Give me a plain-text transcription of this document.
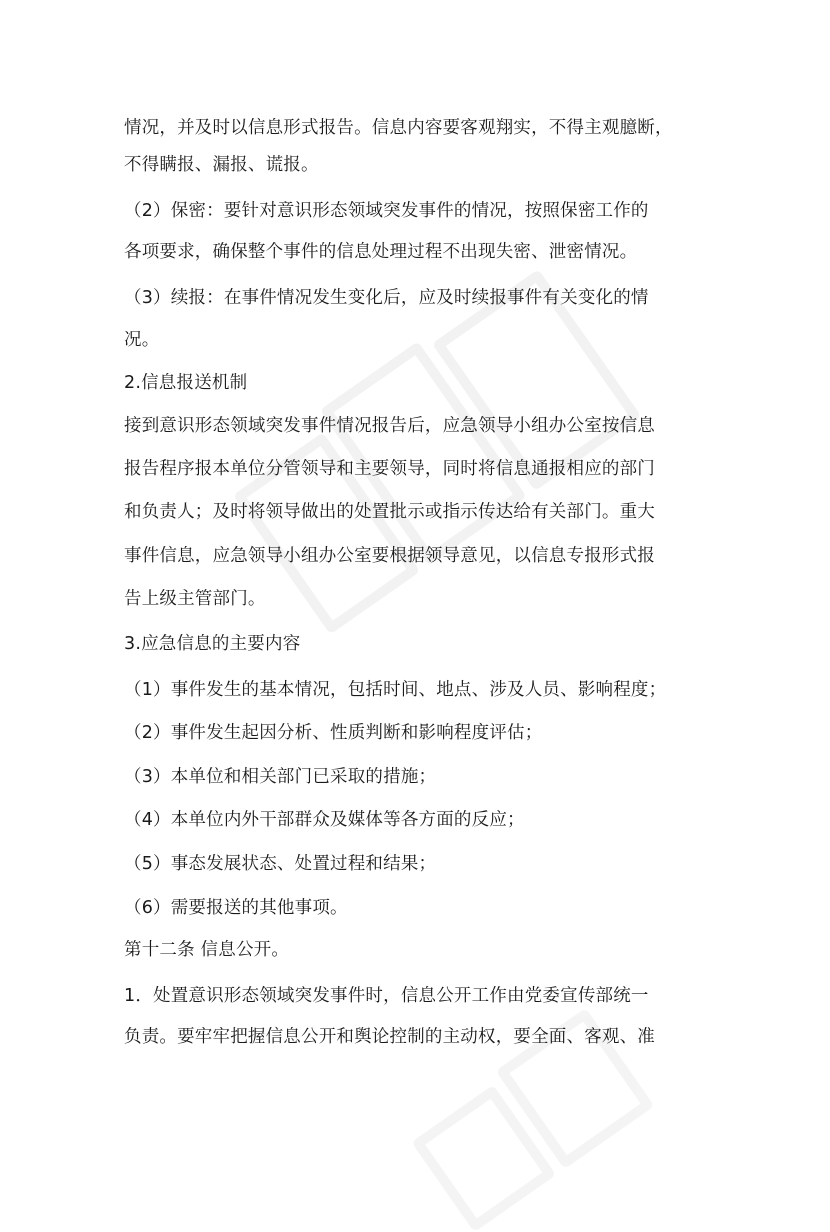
情况，并及时以信息形式报告。信息内容要客观翔实，不得主观臆断，
不得瞒报、漏报、谎报。
（2）保密：要针对意识形态领域突发事件的情况，按照保密工作的
各项要求，确保整个事件的信息处理过程不出现失密、泄密情况。
（3）续报：在事件情况发生变化后，应及时续报事件有关变化的情
况。
2.信息报送机制
接到意识形态领域突发事件情况报告后，应急领导小组办公室按信息
报告程序报本单位分管领导和主要领导，同时将信息通报相应的部门
和负责人；及时将领导做出的处置批示或指示传达给有关部门。重大
事件信息，应急领导小组办公室要根据领导意见，以信息专报形式报
告上级主管部门。
3.应急信息的主要内容
（1）事件发生的基本情况，包括时间、地点、涉及人员、影响程度；
（2）事件发生起因分析、性质判断和影响程度评估；
（3）本单位和相关部门已采取的措施；
（4）本单位内外干部群众及媒体等各方面的反应；
（5）事态发展状态、处置过程和结果；
（6）需要报送的其他事项。
第十二条 信息公开。
1．处置意识形态领域突发事件时，信息公开工作由党委宣传部统一
负责。要牢牢把握信息公开和舆论控制的主动权，要全面、客观、准
